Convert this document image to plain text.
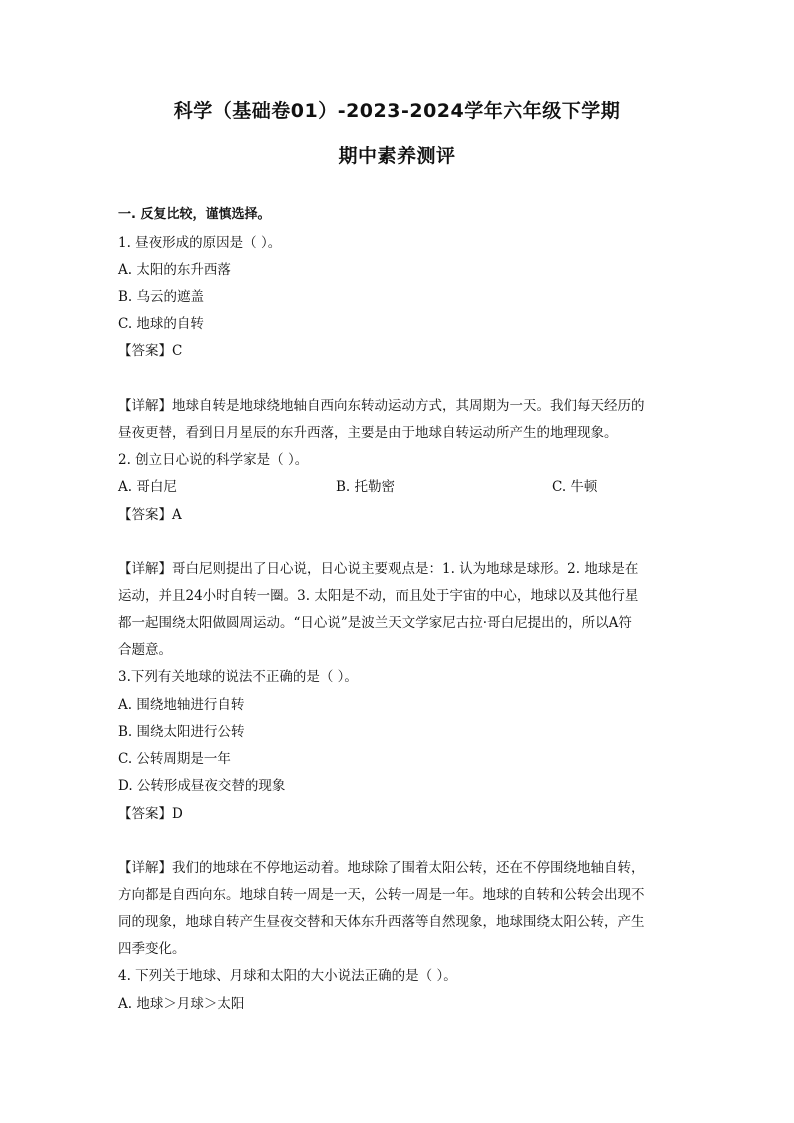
科学（基础卷01）-2023-2024学年六年级下学期
期中素养测评
一. 反复比较，谨慎选择。
1. 昼夜形成的原因是（ ）。
A. 太阳的东升西落
B. 乌云的遮盖
C. 地球的自转
【答案】C
【详解】地球自转是地球绕地轴自西向东转动运动方式，其周期为一天。我们每天经历的
昼夜更替，看到日月星辰的东升西落，主要是由于地球自转运动所产生的地理现象。
2. 创立日心说的科学家是（ ）。
A. 哥白尼	B. 托勒密	C. 牛顿
【答案】A
【详解】哥白尼则提出了日心说，日心说主要观点是：1. 认为地球是球形。2. 地球是在
运动，并且24小时自转一圈。3. 太阳是不动，而且处于宇宙的中心，地球以及其他行星
都一起围绕太阳做圆周运动。“日心说”是波兰天文学家尼古拉·哥白尼提出的，所以A符
合题意。
3.下列有关地球的说法不正确的是（ ）。
A. 围绕地轴进行自转
B. 围绕太阳进行公转
C. 公转周期是一年
D. 公转形成昼夜交替的现象
【答案】D
【详解】我们的地球在不停地运动着。地球除了围着太阳公转，还在不停围绕地轴自转，
方向都是自西向东。地球自转一周是一天，公转一周是一年。地球的自转和公转会出现不
同的现象，地球自转产生昼夜交替和天体东升西落等自然现象，地球围绕太阳公转，产生
四季变化。
4. 下列关于地球、月球和太阳的大小说法正确的是（ ）。
A. 地球＞月球＞太阳
